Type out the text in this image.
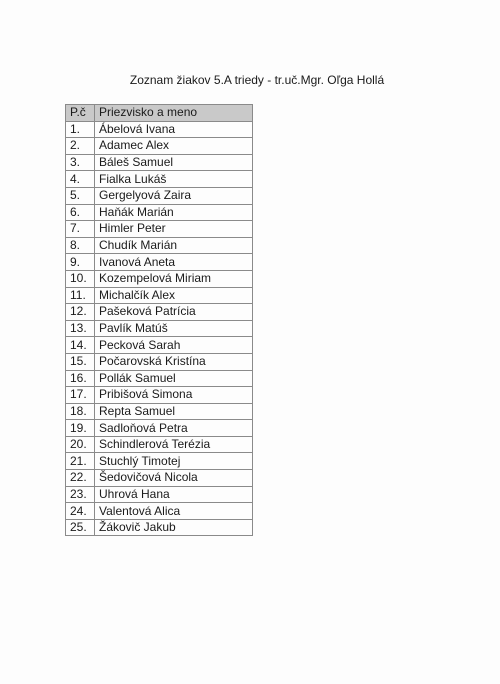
Zoznam žiakov 5.A triedy - tr.uč.Mgr. Oľga Hollá
P.č	Priezvisko a meno
1.	Ábelová Ivana
2.	Adamec Alex
3.	Báleš Samuel
4.	Fialka Lukáš
5.	Gergelyová Zaira
6.	Haňák Marián
7.	Himler Peter
8.	Chudík Marián
9.	Ivanová Aneta
10.	Kozempelová Miriam
11.	Michalčík Alex
12.	Pašeková Patrícia
13.	Pavlík Matúš
14.	Pecková Sarah
15.	Počarovská Kristína
16.	Pollák Samuel
17.	Pribišová Simona
18.	Repta Samuel
19.	Sadloňová Petra
20.	Schindlerová Terézia
21.	Stuchlý Timotej
22.	Šedovičová Nicola
23.	Uhrová Hana
24.	Valentová Alica
25.	Žákovič Jakub
